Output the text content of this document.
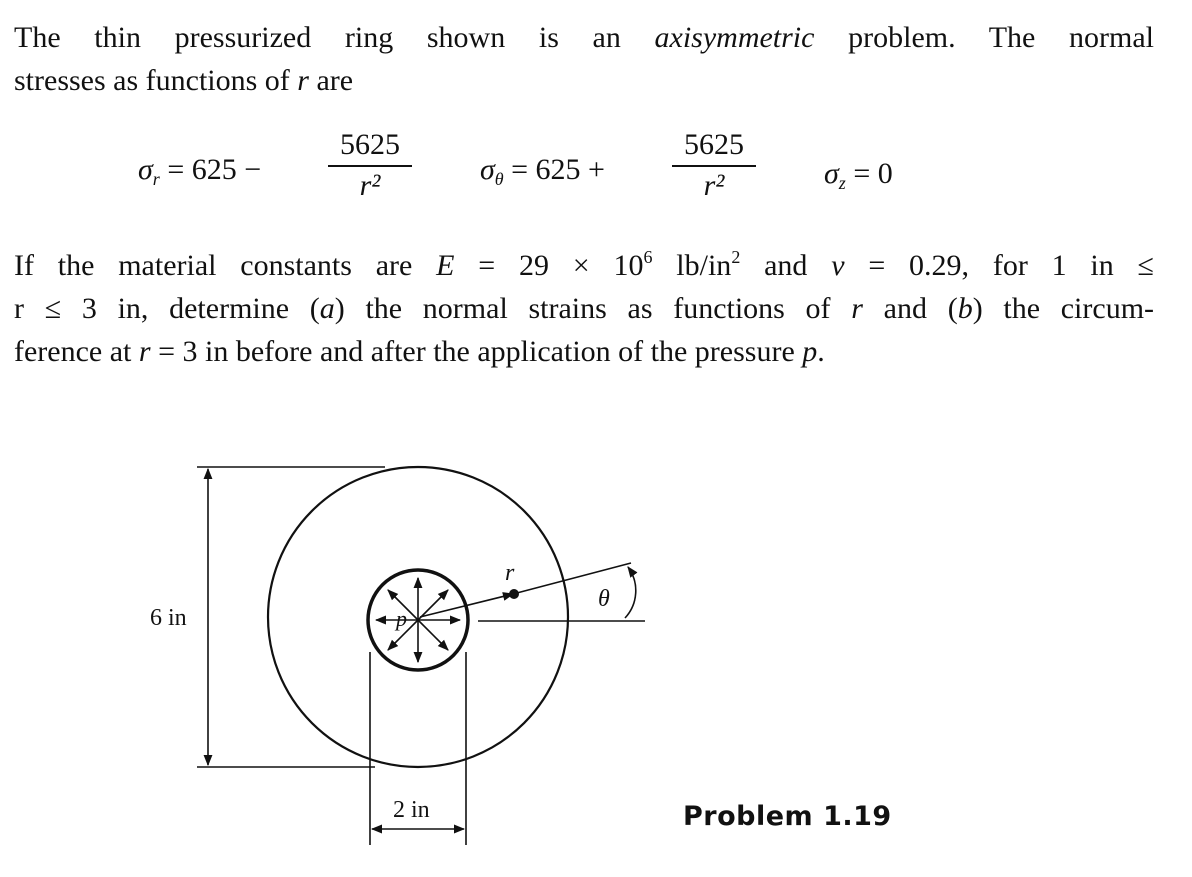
The thin pressurized ring shown is an axisymmetric problem. The normal
stresses as functions of r are
$\sigma_r = 625$ −
5625
r²	$\sigma_\theta = 625$ +
5625
r²	$\sigma_z = 0$
If the material constants are $E = 29 \times 10^6$ $lb/in^2$ and ν = 0.29, for 1 in ≤
r ≤ 3 in, determine (a) the normal strains as functions of r and (b) the circum-
ference at r = 3 in before and after the application of the pressure p.
6 in
2 in
r
θ
p
Problem 1.19
